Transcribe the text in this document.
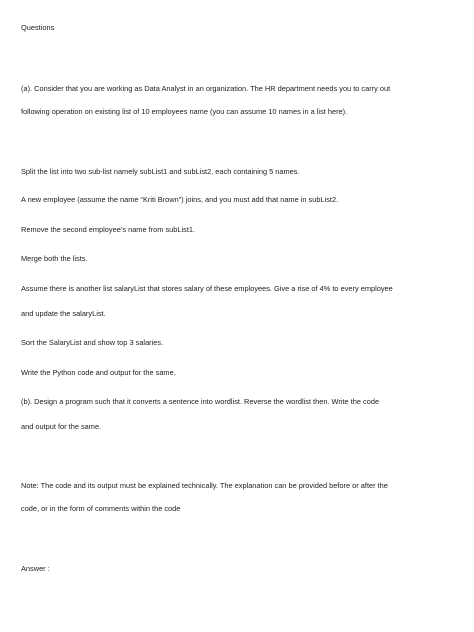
Questions

(a). Consider that you are working as Data Analyst in an organization. The HR department needs you to carry out

following operation on existing list of 10 employees name (you can assume 10 names in a list here).

Split the list into two sub-list namely subList1 and subList2, each containing 5 names.

A new employee (assume the name “Kriti Brown”) joins, and you must add that name in subList2.

Remove the second employee’s name from subList1.

Merge both the lists.

Assume there is another list salaryList that stores salary of these employees. Give a rise of 4% to every employee

and update the salaryList.

Sort the SalaryList and show top 3 salaries.

Write the Python code and output for the same.

(b). Design a program such that it converts a sentence into wordlist. Reverse the wordlist then. Write the code

and output for the same.

Note: The code and its output must be explained technically. The explanation can be provided before or after the

code, or in the form of comments within the code

Answer :
